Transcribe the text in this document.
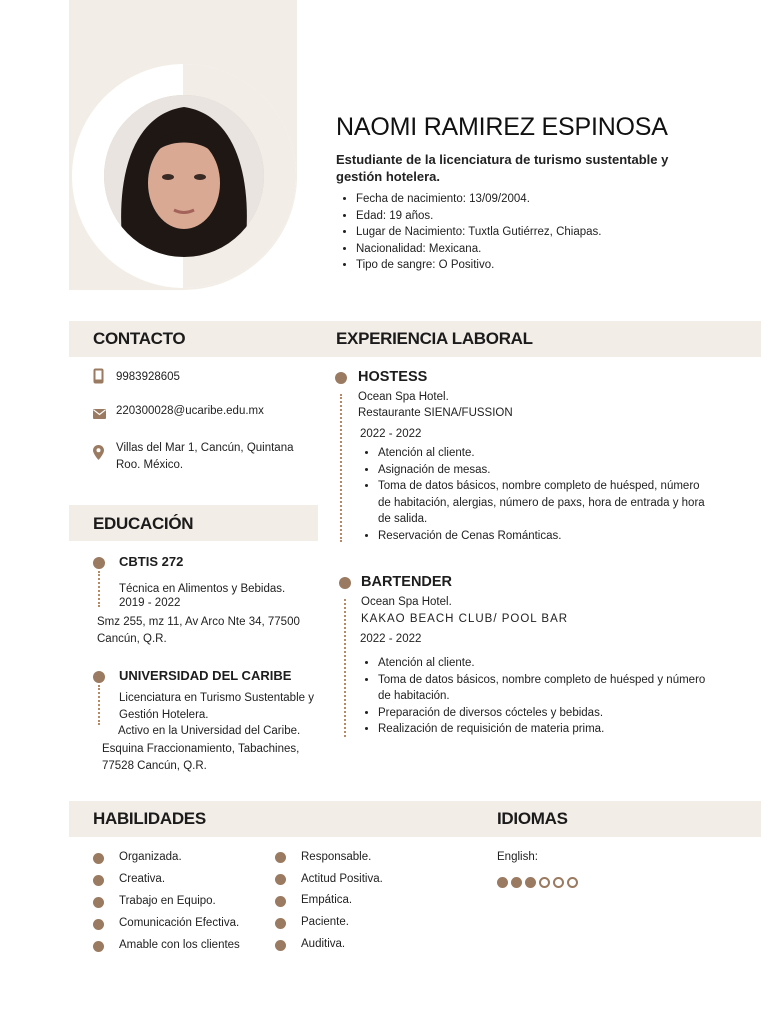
NAOMI RAMIREZ ESPINOSA
Estudiante de la licenciatura de turismo sustentable y gestión hotelera.
• Fecha de nacimiento: 13/09/2004.
• Edad: 19 años.
• Lugar de Nacimiento: Tuxtla Gutiérrez, Chiapas.
• Nacionalidad: Mexicana.
• Tipo de sangre: O Positivo.
CONTACTO	EXPERIENCIA LABORAL
9983928605
220300028@ucaribe.edu.mx
Villas del Mar 1, Cancún, Quintana Roo. México.
EDUCACIÓN
CBTIS 272
Técnica en Alimentos y Bebidas.
2019 - 2022
Smz 255, mz 11, Av Arco Nte 34, 77500 Cancún, Q.R.
UNIVERSIDAD DEL CARIBE
Licenciatura en Turismo Sustentable y Gestión Hotelera.
Activo en la Universidad del Caribe.
Esquina Fraccionamiento, Tabachines, 77528 Cancún, Q.R.
HOSTESS
Ocean Spa Hotel.
Restaurante SIENA/FUSSION
2022 - 2022
• Atención al cliente.
• Asignación de mesas.
• Toma de datos básicos, nombre completo de huésped, número de habitación, alergias, número de paxs, hora de entrada y hora de salida.
• Reservación de Cenas Románticas.
BARTENDER
Ocean Spa Hotel.
KAKAO BEACH CLUB/ POOL BAR
2022 - 2022
• Atención al cliente.
• Toma de datos básicos, nombre completo de huésped y número de habitación.
• Preparación de diversos cócteles y bebidas.
• Realización de requisición de materia prima.
HABILIDADES	IDIOMAS
Organizada.
Creativa.
Trabajo en Equipo.
Comunicación Efectiva.
Amable con los clientes
Responsable.
Actitud Positiva.
Empática.
Paciente.
Auditiva.
English:
